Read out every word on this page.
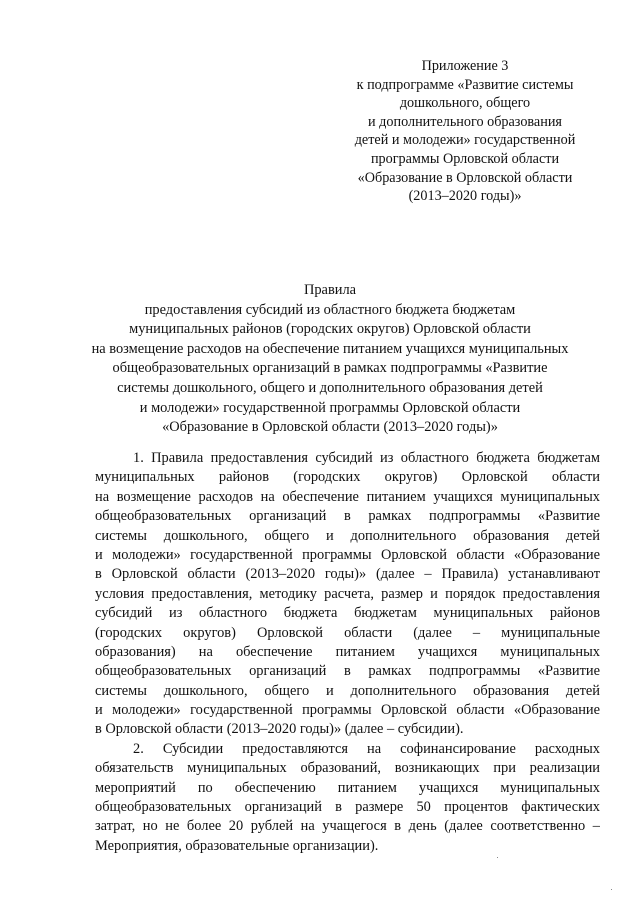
Приложение 3
к подпрограмме «Развитие системы
дошкольного, общего
и дополнительного образования
детей и молодежи» государственной
программы Орловской области
«Образование в Орловской области
(2013–2020 годы)»
Правила
предоставления субсидий из областного бюджета бюджетам
муниципальных районов (городских округов) Орловской области
на возмещение расходов на обеспечение питанием учащихся муниципальных
общеобразовательных организаций в рамках подпрограммы «Развитие
системы дошкольного, общего и дополнительного образования детей
и молодежи» государственной программы Орловской области
«Образование в Орловской области (2013–2020 годы)»
1. Правила предоставления субсидий из областного бюджета бюджетам
муниципальных районов (городских округов) Орловской области
на возмещение расходов на обеспечение питанием учащихся муниципальных
общеобразовательных организаций в рамках подпрограммы «Развитие
системы дошкольного, общего и дополнительного образования детей
и молодежи» государственной программы Орловской области «Образование
в Орловской области (2013–2020 годы)» (далее – Правила) устанавливают
условия предоставления, методику расчета, размер и порядок предоставления
субсидий из областного бюджета бюджетам муниципальных районов
(городских округов) Орловской области (далее – муниципальные
образования) на обеспечение питанием учащихся муниципальных
общеобразовательных организаций в рамках подпрограммы «Развитие
системы дошкольного, общего и дополнительного образования детей
и молодежи» государственной программы Орловской области «Образование
в Орловской области (2013–2020 годы)» (далее – субсидии).
2. Субсидии предоставляются на софинансирование расходных
обязательств муниципальных образований, возникающих при реализации
мероприятий по обеспечению питанием учащихся муниципальных
общеобразовательных организаций в размере 50 процентов фактических
затрат, но не более 20 рублей на учащегося в день (далее соответственно –
Мероприятия, образовательные организации).
